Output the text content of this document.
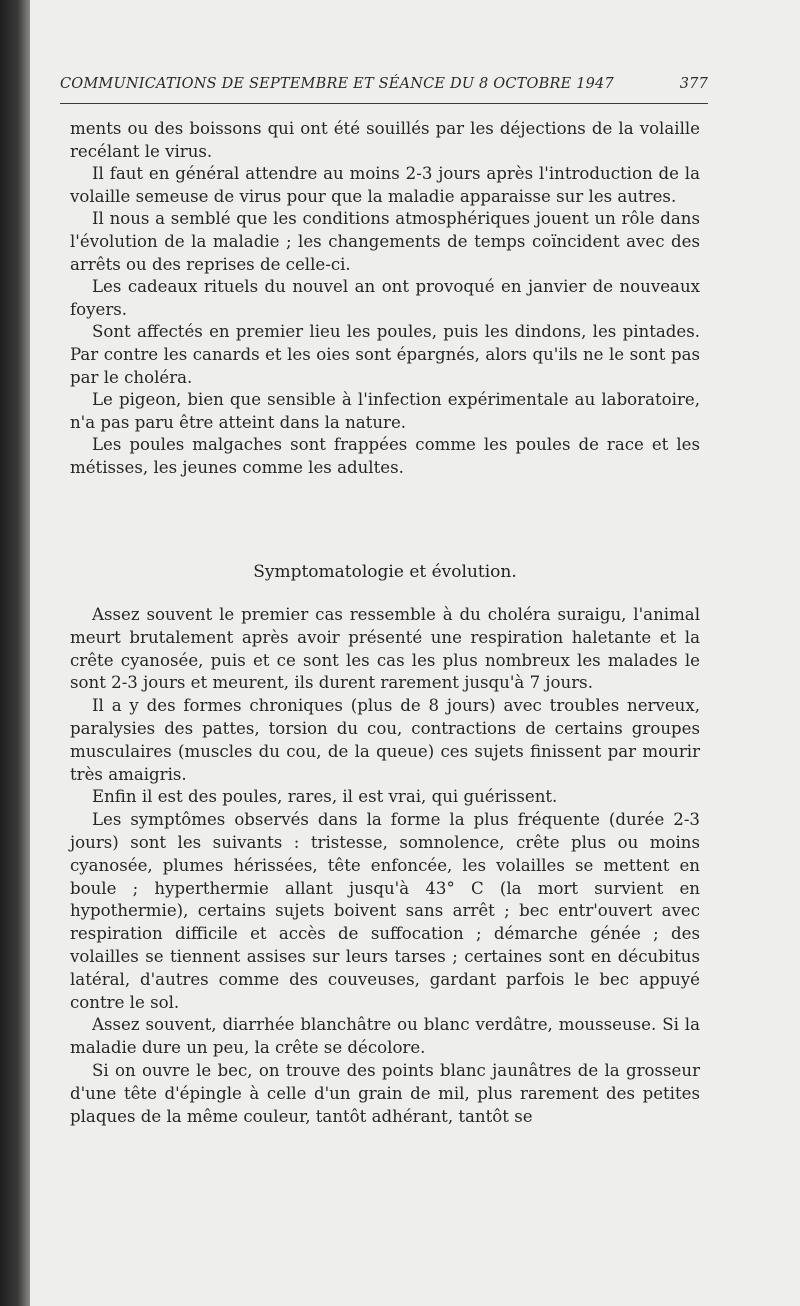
COMMUNICATIONS DE SEPTEMBRE ET SÉANCE DU 8 OCTOBRE 1947	377

ments ou des boissons qui ont été souillés par les déjections de la volaille recélant le virus.

Il faut en général attendre au moins 2-3 jours après l'introduction de la volaille semeuse de virus pour que la maladie apparaisse sur les autres.

Il nous a semblé que les conditions atmosphériques jouent un rôle dans l'évolution de la maladie ; les changements de temps coïncident avec des arrêts ou des reprises de celle-ci.

Les cadeaux rituels du nouvel an ont provoqué en janvier de nouveaux foyers.

Sont affectés en premier lieu les poules, puis les dindons, les pintades. Par contre les canards et les oies sont épargnés, alors qu'ils ne le sont pas par le choléra.

Le pigeon, bien que sensible à l'infection expérimentale au laboratoire, n'a pas paru être atteint dans la nature.

Les poules malgaches sont frappées comme les poules de race et les métisses, les jeunes comme les adultes.

Symptomatologie et évolution.

Assez souvent le premier cas ressemble à du choléra suraigu, l'animal meurt brutalement après avoir présenté une respiration haletante et la crête cyanosée, puis et ce sont les cas les plus nombreux les malades le sont 2-3 jours et meurent, ils durent rarement jusqu'à 7 jours.

Il a y des formes chroniques (plus de 8 jours) avec troubles nerveux, paralysies des pattes, torsion du cou, contractions de certains groupes musculaires (muscles du cou, de la queue) ces sujets finissent par mourir très amaigris.

Enfin il est des poules, rares, il est vrai, qui guérissent.

Les symptômes observés dans la forme la plus fréquente (durée 2-3 jours) sont les suivants : tristesse, somnolence, crête plus ou moins cyanosée, plumes hérissées, tête enfoncée, les volailles se mettent en boule ; hyperthermie allant jusqu'à 43° C (la mort survient en hypothermie), certains sujets boivent sans arrêt ; bec entr'ouvert avec respiration difficile et accès de suffocation ; démarche génée ; des volailles se tiennent assises sur leurs tarses ; certaines sont en décubitus latéral, d'autres comme des couveuses, gardant parfois le bec appuyé contre le sol.

Assez souvent, diarrhée blanchâtre ou blanc verdâtre, mousseuse. Si la maladie dure un peu, la crête se décolore.

Si on ouvre le bec, on trouve des points blanc jaunâtres de la grosseur d'une tête d'épingle à celle d'un grain de mil, plus rarement des petites plaques de la même couleur, tantôt adhérant, tantôt se
